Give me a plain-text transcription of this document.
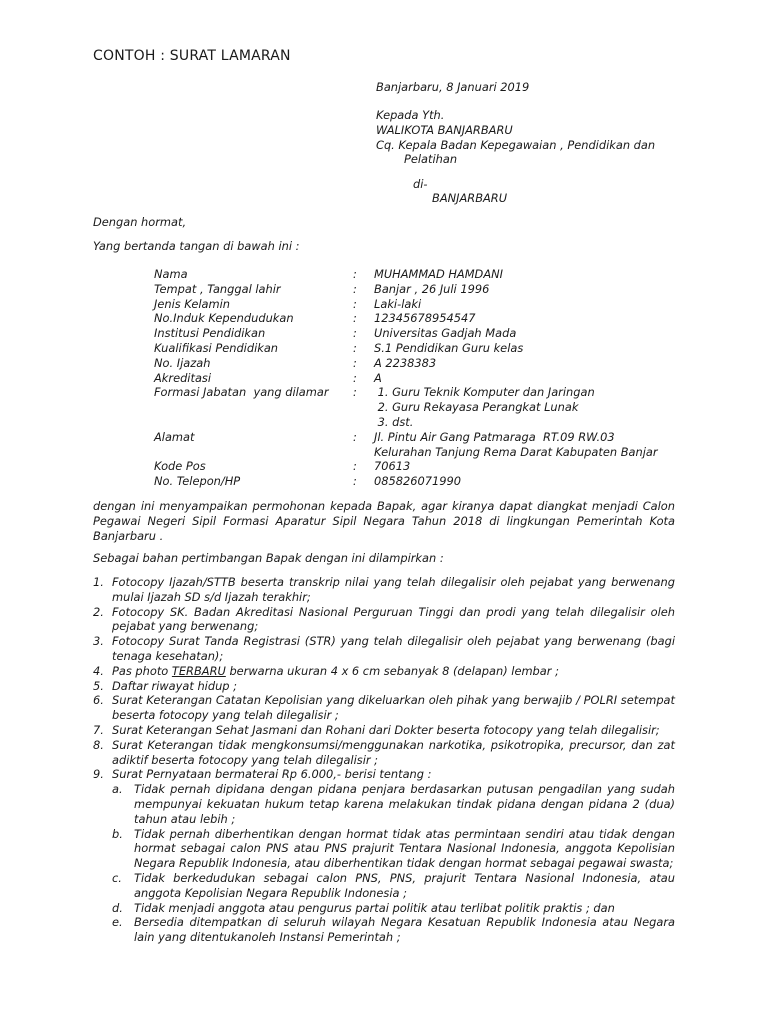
CONTOH : SURAT LAMARAN
Banjarbaru, 8 Januari 2019
Kepada Yth.
WALIKOTA BANJARBARU
Cq. Kepala Badan Kepegawaian , Pendidikan dan
Pelatihan
di-
BANJARBARU
Dengan hormat,
Yang bertanda tangan di bawah ini :
Nama	:	MUHAMMAD HAMDANI
Tempat , Tanggal lahir	:	Banjar , 26 Juli 1996
Jenis Kelamin	:	Laki-laki
No.Induk Kependudukan	:	12345678954547
Institusi Pendidikan	:	Universitas Gadjah Mada
Kualifikasi Pendidikan	:	S.1 Pendidikan Guru kelas
No. Ijazah	:	A 2238383
Akreditasi	:	A
Formasi Jabatan  yang dilamar	:	1. Guru Teknik Komputer dan Jaringan
		2. Guru Rekayasa Perangkat Lunak
		3. dst.
Alamat	:	Jl. Pintu Air Gang Patmaraga  RT.09 RW.03
		Kelurahan Tanjung Rema Darat Kabupaten Banjar
Kode Pos	:	70613
No. Telepon/HP	:	085826071990
dengan ini menyampaikan permohonan kepada Bapak, agar kiranya dapat diangkat menjadi Calon Pegawai Negeri Sipil Formasi Aparatur Sipil Negara Tahun 2018 di lingkungan Pemerintah Kota Banjarbaru .
Sebagai bahan pertimbangan Bapak dengan ini dilampirkan :
1. Fotocopy Ijazah/STTB beserta transkrip nilai yang telah dilegalisir oleh pejabat yang berwenang mulai Ijazah SD s/d Ijazah terakhir;
2. Fotocopy SK. Badan Akreditasi Nasional Perguruan Tinggi dan prodi yang telah dilegalisir oleh pejabat yang berwenang;
3. Fotocopy Surat Tanda Registrasi (STR) yang telah dilegalisir oleh pejabat yang berwenang (bagi tenaga kesehatan);
4. Pas photo TERBARU berwarna ukuran 4 x 6 cm sebanyak 8 (delapan) lembar ;
5. Daftar riwayat hidup ;
6. Surat Keterangan Catatan Kepolisian yang dikeluarkan oleh pihak yang berwajib / POLRI setempat beserta fotocopy yang telah dilegalisir ;
7. Surat Keterangan Sehat Jasmani dan Rohani dari Dokter beserta fotocopy yang telah dilegalisir;
8. Surat Keterangan tidak mengkonsumsi/menggunakan narkotika, psikotropika, precursor, dan zat adiktif beserta fotocopy yang telah dilegalisir ;
9. Surat Pernyataan bermaterai Rp 6.000,- berisi tentang :
a. Tidak pernah dipidana dengan pidana penjara berdasarkan putusan pengadilan yang sudah mempunyai kekuatan hukum tetap karena melakukan tindak pidana dengan pidana 2 (dua) tahun atau lebih ;
b. Tidak pernah diberhentikan dengan hormat tidak atas permintaan sendiri atau tidak dengan hormat sebagai calon PNS atau PNS prajurit Tentara Nasional Indonesia, anggota Kepolisian Negara Republik Indonesia, atau diberhentikan tidak dengan hormat sebagai pegawai swasta;
c. Tidak berkedudukan sebagai calon PNS, PNS, prajurit Tentara Nasional Indonesia, atau anggota Kepolisian Negara Republik Indonesia ;
d. Tidak menjadi anggota atau pengurus partai politik atau terlibat politik praktis ; dan
e. Bersedia ditempatkan di seluruh wilayah Negara Kesatuan Republik Indonesia atau Negara lain yang ditentukanoleh Instansi Pemerintah ;
